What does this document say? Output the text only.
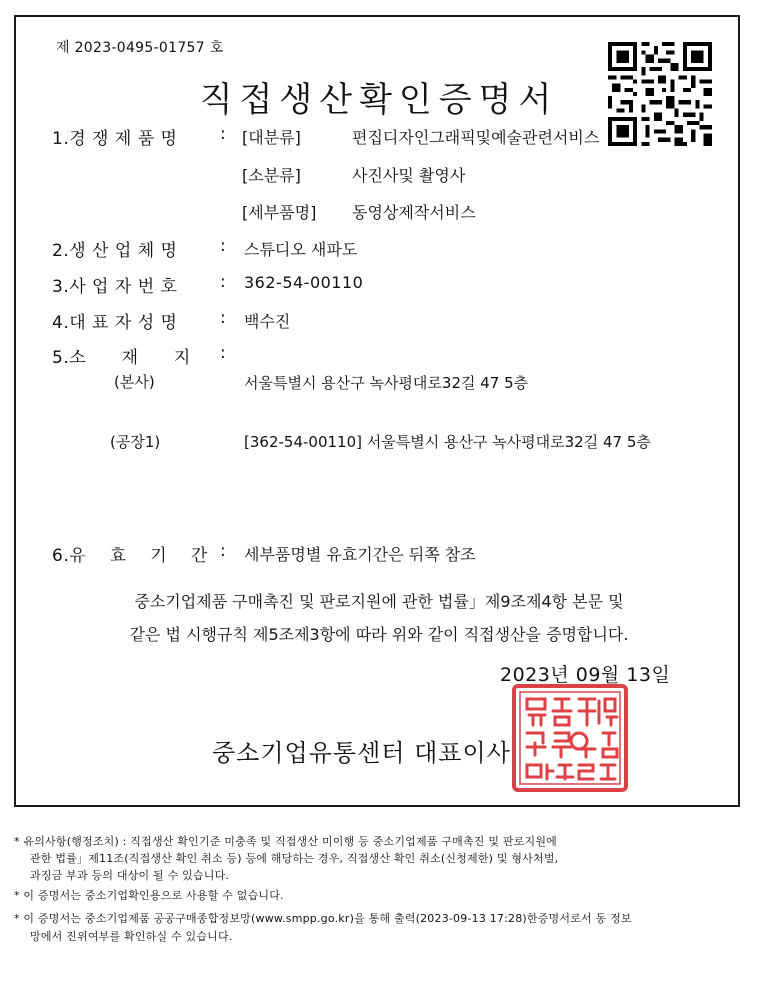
제 2023-0495-01757 호
직접생산확인증명서
1.경 쟁 제 품 명	: [대분류]	편집디자인그래픽및예술관련서비스
[소분류]	사진사및 촬영사
[세부품명] 동영상제작서비스
2.생 산 업 체 명	: 스튜디오 새파도
3.사 업 자 번 호	: 362-54-00110
4.대 표 자 성 명	: 백수진
5.소      재      지 :
(본사)	서울특별시 용산구 녹사평대로32길 47 5층
(공장1)	[362-54-00110] 서울특별시 용산구 녹사평대로32길 47 5층
6.유    효    기    간 : 세부품명별 유효기간은 뒤쪽 참조
중소기업제품 구매촉진 및 판로지원에 관한 법률」제9조제4항 본문 및
같은 법 시행규칙 제5조제3항에 따라 위와 같이 직접생산을 증명합니다.
2023년 09월 13일
중소기업유통센터 대표이사
* 유의사항(행정조치) : 직접생산 확인기준 미충족 및 직접생산 미이행 등 중소기업제품 구매촉진 및 판로지원에
관한 법률」제11조(직접생산 확인 취소 등) 등에 해당하는 경우, 직접생산 확인 취소(신청제한) 및 형사처벌,
과징금 부과 등의 대상이 될 수 있습니다.
* 이 증명서는 중소기업확인용으로 사용할 수 없습니다.
* 이 증명서는 중소기업제품 공공구매종합정보망(www.smpp.go.kr)을 통해 출력(2023-09-13 17:28)한증명서로서 동 정보
망에서 진위여부를 확인하실 수 있습니다.
